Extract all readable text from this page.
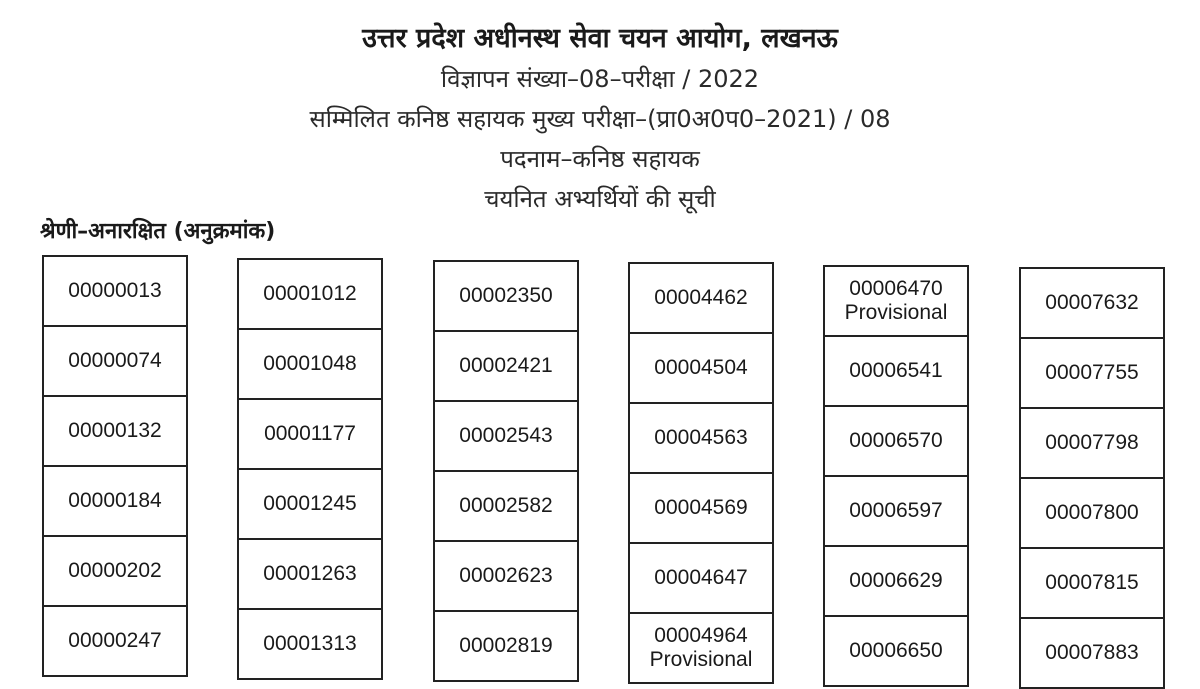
उत्तर प्रदेश अधीनस्थ सेवा चयन आयोग, लखनऊ
विज्ञापन संख्या–08–परीक्षा / 2022
सम्मिलित कनिष्ठ सहायक मुख्य परीक्षा–(प्रा0अ0प0–2021) / 08
पदनाम–कनिष्ठ सहायक
चयनित अभ्यर्थियों की सूची
श्रेणी–अनारक्षित (अनुक्रमांक)
00000013
00000074
00000132
00000184
00000202
00000247
00001012
00001048
00001177
00001245
00001263
00001313
00002350
00002421
00002543
00002582
00002623
00002819
00004462
00004504
00004563
00004569
00004647
00004964
Provisional
00006470
Provisional
00006541
00006570
00006597
00006629
00006650
00007632
00007755
00007798
00007800
00007815
00007883
